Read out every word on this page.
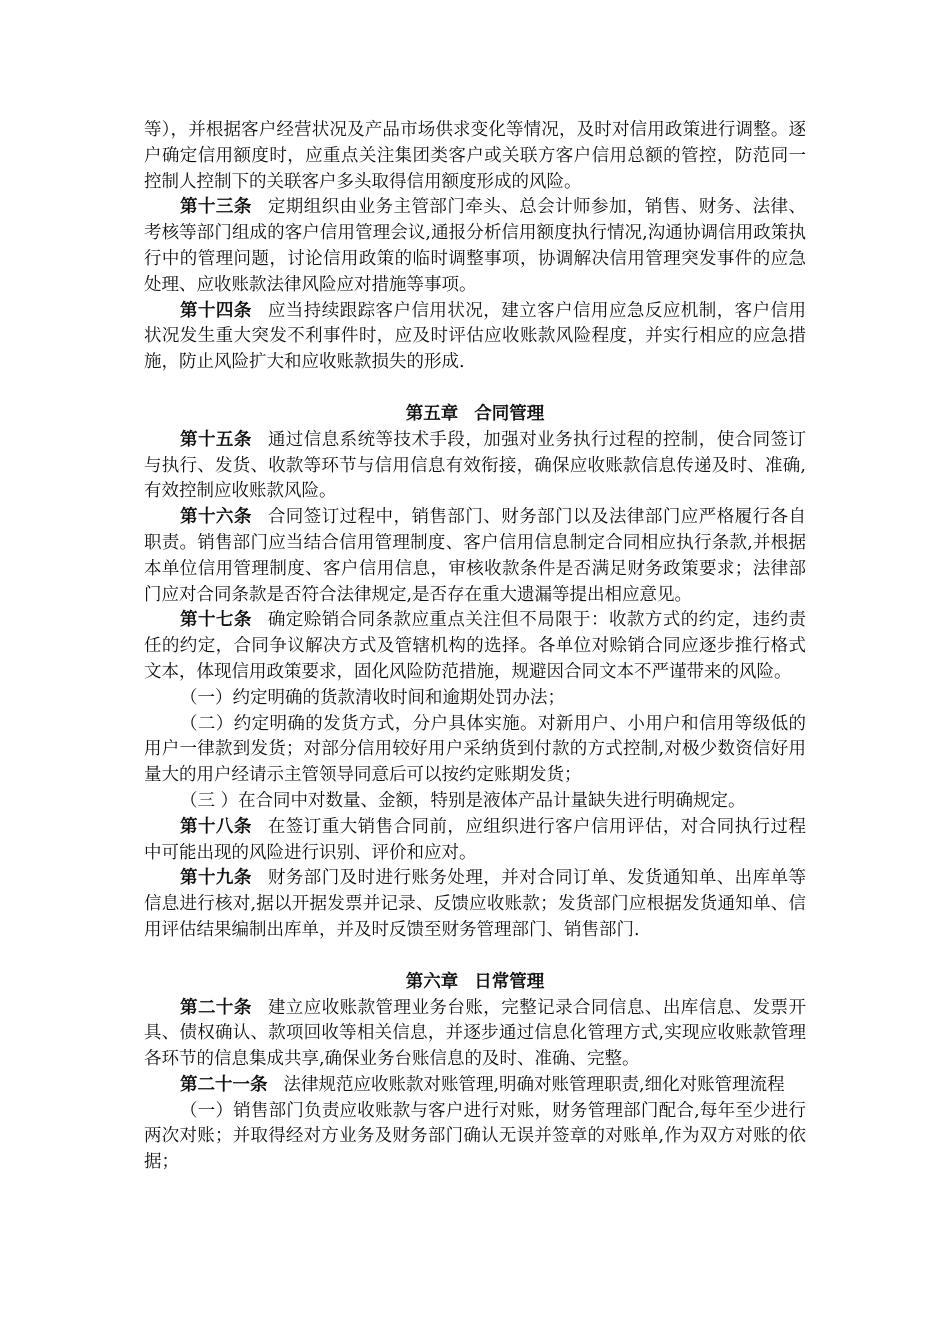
等），并根据客户经营状况及产品市场供求变化等情况，及时对信用政策进行调整。逐户确定信用额度时，应重点关注集团类客户或关联方客户信用总额的管控，防范同一控制人控制下的关联客户多头取得信用额度形成的风险。

第十三条 定期组织由业务主管部门牵头、总会计师参加，销售、财务、法律、考核等部门组成的客户信用管理会议,通报分析信用额度执行情况,沟通协调信用政策执行中的管理问题，讨论信用政策的临时调整事项，协调解决信用管理突发事件的应急处理、应收账款法律风险应对措施等事项。

第十四条 应当持续跟踪客户信用状况，建立客户信用应急反应机制，客户信用状况发生重大突发不利事件时，应及时评估应收账款风险程度，并实行相应的应急措施，防止风险扩大和应收账款损失的形成.

第五章 合同管理

第十五条 通过信息系统等技术手段，加强对业务执行过程的控制，使合同签订与执行、发货、收款等环节与信用信息有效衔接，确保应收账款信息传递及时、准确,有效控制应收账款风险。

第十六条 合同签订过程中，销售部门、财务部门以及法律部门应严格履行各自职责。销售部门应当结合信用管理制度、客户信用信息制定合同相应执行条款,并根据本单位信用管理制度、客户信用信息，审核收款条件是否满足财务政策要求；法律部门应对合同条款是否符合法律规定,是否存在重大遗漏等提出相应意见。

第十七条 确定赊销合同条款应重点关注但不局限于：收款方式的约定，违约责任的约定，合同争议解决方式及管辖机构的选择。各单位对赊销合同应逐步推行格式文本，体现信用政策要求，固化风险防范措施，规避因合同文本不严谨带来的风险。

（一）约定明确的货款清收时间和逾期处罚办法；

（二）约定明确的发货方式，分户具体实施。对新用户、小用户和信用等级低的用户一律款到发货；对部分信用较好用户采纳货到付款的方式控制,对极少数资信好用量大的用户经请示主管领导同意后可以按约定账期发货；

（三 ）在合同中对数量、金额，特别是液体产品计量缺失进行明确规定。

第十八条 在签订重大销售合同前，应组织进行客户信用评估，对合同执行过程中可能出现的风险进行识别、评价和应对。

第十九条 财务部门及时进行账务处理，并对合同订单、发货通知单、出库单等信息进行核对,据以开据发票并记录、反馈应收账款；发货部门应根据发货通知单、信用评估结果编制出库单，并及时反馈至财务管理部门、销售部门.

第六章 日常管理

第二十条 建立应收账款管理业务台账，完整记录合同信息、出库信息、发票开具、债权确认、款项回收等相关信息，并逐步通过信息化管理方式,实现应收账款管理各环节的信息集成共享,确保业务台账信息的及时、准确、完整。

第二十一条 法律规范应收账款对账管理,明确对账管理职责,细化对账管理流程

（一）销售部门负责应收账款与客户进行对账，财务管理部门配合,每年至少进行两次对账；并取得经对方业务及财务部门确认无误并签章的对账单,作为双方对账的依据；
